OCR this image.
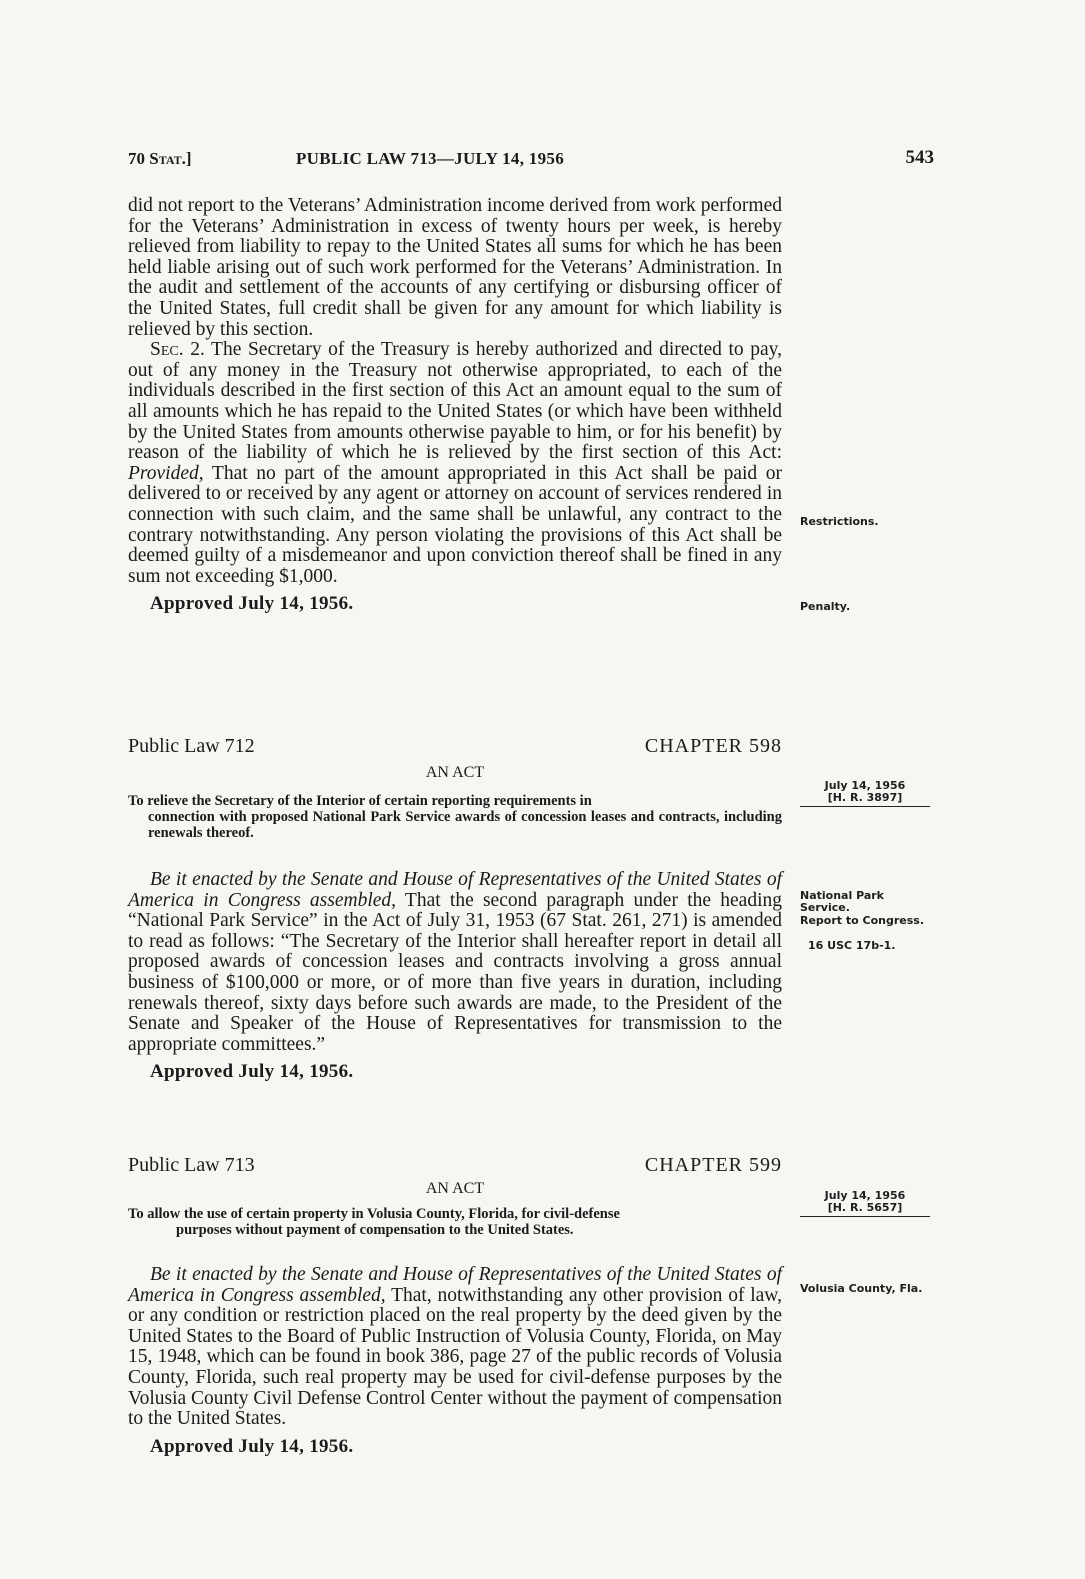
70 Stat.]	PUBLIC LAW 713—JULY 14, 1956	543

did not report to the Veterans’ Administration income derived from work performed for the Veterans’ Administration in excess of twenty hours per week, is hereby relieved from liability to repay to the United States all sums for which he has been held liable arising out of such work performed for the Veterans’ Administration. In the audit and settlement of the accounts of any certifying or disbursing officer of the United States, full credit shall be given for any amount for which liability is relieved by this section.

Sec. 2. The Secretary of the Treasury is hereby authorized and directed to pay, out of any money in the Treasury not otherwise appropriated, to each of the individuals described in the first section of this Act an amount equal to the sum of all amounts which he has repaid to the United States (or which have been withheld by the United States from amounts otherwise payable to him, or for his benefit) by reason of the liability of which he is relieved by the first section of this Act: Provided, That no part of the amount appropriated in this Act shall be paid or delivered to or received by any agent or attorney on account of services rendered in connection with such claim, and the same shall be unlawful, any contract to the contrary notwithstanding. Any person violating the provisions of this Act shall be deemed guilty of a misdemeanor and upon conviction thereof shall be fined in any sum not exceeding $1,000.

Approved July 14, 1956.
Restrictions.
Penalty.
Public Law 712	CHAPTER 598
AN ACT
July 14, 1956
[H. R. 3897]
To relieve the Secretary of the Interior of certain reporting requirements in
connection with proposed National Park Service awards of concession leases and contracts, including renewals thereof.

Be it enacted by the Senate and House of Representatives of the United States of America in Congress assembled, That the second paragraph under the heading “National Park Service” in the Act of July 31, 1953 (67 Stat. 261, 271) is amended to read as follows: “The Secretary of the Interior shall hereafter report in detail all proposed awards of concession leases and contracts involving a gross annual business of $100,000 or more, or of more than five years in duration, including renewals thereof, sixty days before such awards are made, to the President of the Senate and Speaker of the House of Representatives for transmission to the appropriate committees.”

Approved July 14, 1956.
National Park Service.
Report to Congress.
16 USC 17b-1.
Public Law 713	CHAPTER 599
AN ACT	July 14, 1956
[H. R. 5657]
To allow the use of certain property in Volusia County, Florida, for civil-defense
purposes without payment of compensation to the United States.

Be it enacted by the Senate and House of Representatives of the United States of America in Congress assembled, That, notwithstanding any other provision of law, or any condition or restriction placed on the real property by the deed given by the United States to the Board of Public Instruction of Volusia County, Florida, on May 15, 1948, which can be found in book 386, page 27 of the public records of Volusia County, Florida, such real property may be used for civil-defense purposes by the Volusia County Civil Defense Control Center without the payment of compensation to the United States.

Approved July 14, 1956.
Volusia County, Fla.
